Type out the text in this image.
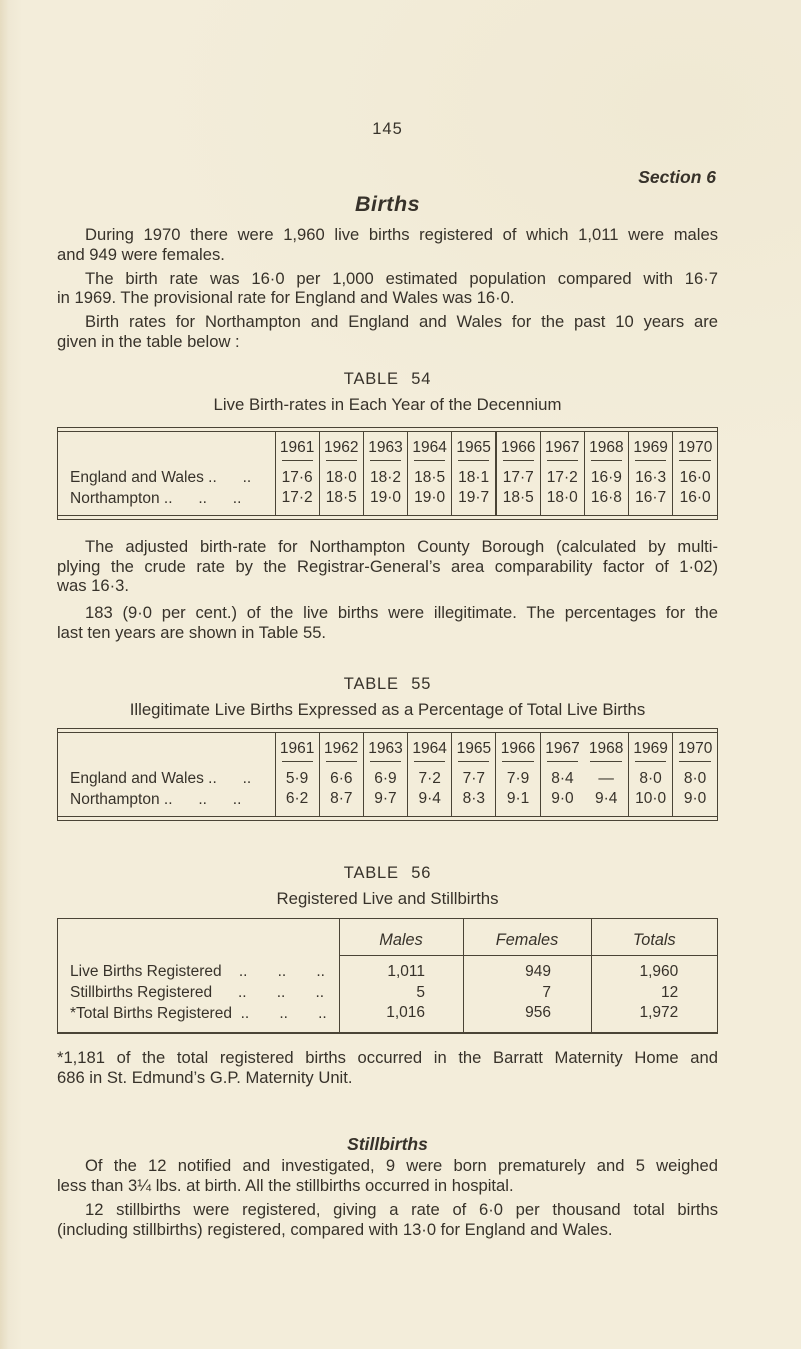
145
Section 6
Births

During 1970 there were 1,960 live births registered of which 1,011 were males
and 949 were females.

The birth rate was 16·0 per 1,000 estimated population compared with 16·7
in 1969. The provisional rate for England and Wales was 16·0.

Birth rates for Northampton and England and Wales for the past 10 years are
given in the table below :

TABLE 54
Live Birth-rates in Each Year of the Decennium
	1961	1962	1963	1964	1965	1966	1967	1968	1969	1970

England and Wales ..      ..	17·6	18·0	18·2	18·5	18·1	17·7	17·2	16·9	16·3	16·0
Northampton ..      ..      ..	17·2	18·5	19·0	19·0	19·7	18·5	18·0	16·8	16·7	16·0

The adjusted birth-rate for Northampton County Borough (calculated by multi-
plying the crude rate by the Registrar-General’s area comparability factor of 1·02)
was 16·3.

183 (9·0 per cent.) of the live births were illegitimate. The percentages for the
last ten years are shown in Table 55.

TABLE 55
Illegitimate Live Births Expressed as a Percentage of Total Live Births
	1961	1962	1963	1964	1965	1966	1967	1968	1969	1970

England and Wales ..      ..	5·9	6·6	6·9	7·2	7·7	7·9	8·4	—	8·0	8·0
Northampton ..      ..      ..	6·2	8·7	9·7	9·4	8·3	9·1	9·0	9·4	10·0	9·0
TABLE 56
Registered Live and Stillbirths
	Males	Females	Totals

Live Births Registered    ..       ..       ..	1,011	949	1,960
Stillbirths Registered      ..       ..       ..	5	7	12
*Total Births Registered  ..       ..       ..	1,016	956	1,972

*1,181 of the total registered births occurred in the Barratt Maternity Home and
686 in St. Edmund’s G.P. Maternity Unit.

Stillbirths

Of the 12 notified and investigated, 9 were born prematurely and 5 weighed
less than 3¼ lbs. at birth. All the stillbirths occurred in hospital.

12 stillbirths were registered, giving a rate of 6·0 per thousand total births
(including stillbirths) registered, compared with 13·0 for England and Wales.
